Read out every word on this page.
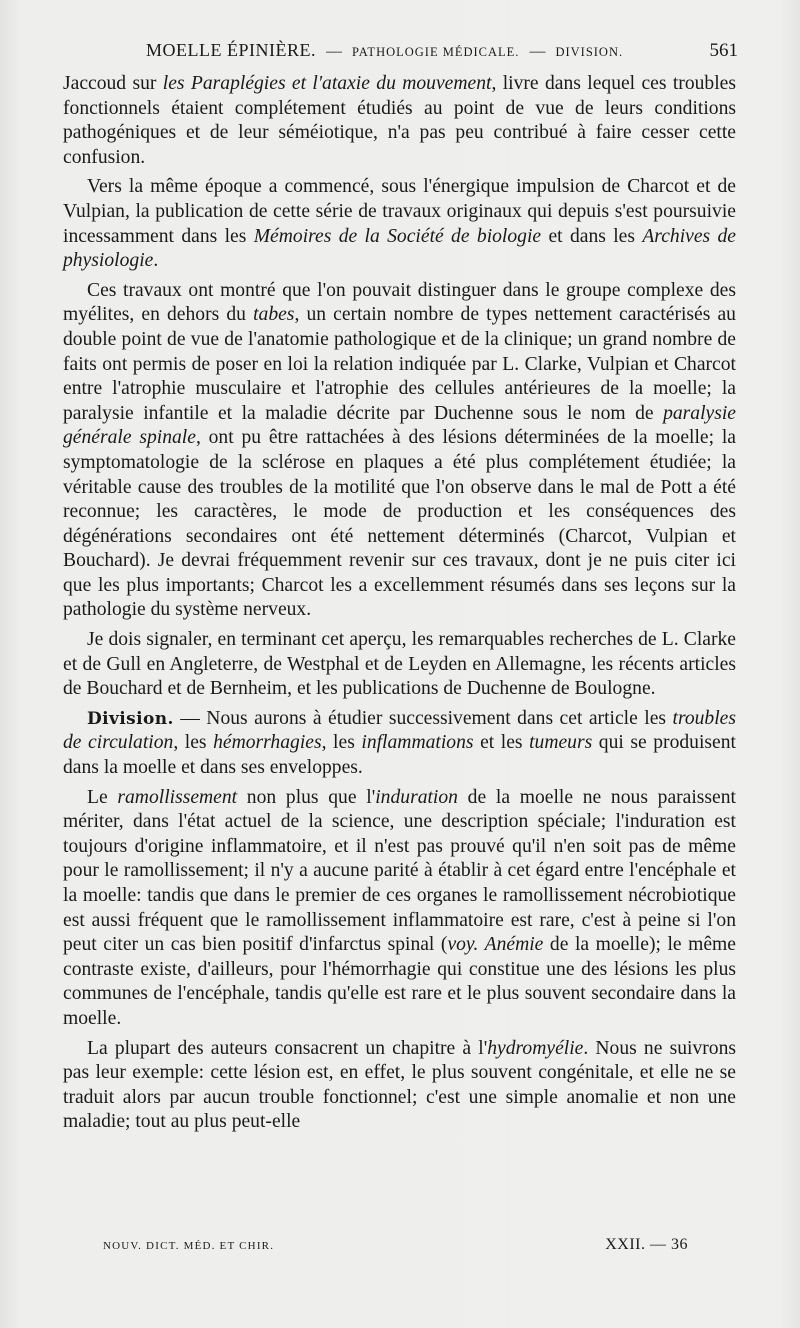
MOELLE ÉPINIÈRE. — PATHOLOGIE MÉDICALE. — DIVISION.	561

Jaccoud sur les Paraplégies et l'ataxie du mouvement, livre dans lequel ces troubles fonctionnels étaient complétement étudiés au point de vue de leurs conditions pathogéniques et de leur séméiotique, n'a pas peu contribué à faire cesser cette confusion.

Vers la même époque a commencé, sous l'énergique impulsion de Charcot et de Vulpian, la publication de cette série de travaux originaux qui depuis s'est poursuivie incessamment dans les Mémoires de la Société de biologie et dans les Archives de physiologie.

Ces travaux ont montré que l'on pouvait distinguer dans le groupe complexe des myélites, en dehors du tabes, un certain nombre de types nettement caractérisés au double point de vue de l'anatomie pathologique et de la clinique; un grand nombre de faits ont permis de poser en loi la relation indiquée par L. Clarke, Vulpian et Charcot entre l'atrophie musculaire et l'atrophie des cellules antérieures de la moelle; la paralysie infantile et la maladie décrite par Duchenne sous le nom de paralysie générale spinale, ont pu être rattachées à des lésions déterminées de la moelle; la symptomatologie de la sclérose en plaques a été plus complétement étudiée; la véritable cause des troubles de la motilité que l'on observe dans le mal de Pott a été reconnue; les caractères, le mode de production et les conséquences des dégénérations secondaires ont été nettement déterminés (Charcot, Vulpian et Bouchard). Je devrai fréquemment revenir sur ces travaux, dont je ne puis citer ici que les plus importants; Charcot les a excellemment résumés dans ses leçons sur la pathologie du système nerveux.

Je dois signaler, en terminant cet aperçu, les remarquables recherches de L. Clarke et de Gull en Angleterre, de Westphal et de Leyden en Allemagne, les récents articles de Bouchard et de Bernheim, et les publications de Duchenne de Boulogne.

Division. — Nous aurons à étudier successivement dans cet article les troubles de circulation, les hémorrhagies, les inflammations et les tumeurs qui se produisent dans la moelle et dans ses enveloppes.

Le ramollissement non plus que l'induration de la moelle ne nous paraissent mériter, dans l'état actuel de la science, une description spéciale; l'induration est toujours d'origine inflammatoire, et il n'est pas prouvé qu'il n'en soit pas de même pour le ramollissement; il n'y a aucune parité à établir à cet égard entre l'encéphale et la moelle: tandis que dans le premier de ces organes le ramollissement nécrobiotique est aussi fréquent que le ramollissement inflammatoire est rare, c'est à peine si l'on peut citer un cas bien positif d'infarctus spinal (voy. Anémie de la moelle); le même contraste existe, d'ailleurs, pour l'hémorrhagie qui constitue une des lésions les plus communes de l'encéphale, tandis qu'elle est rare et le plus souvent secondaire dans la moelle.

La plupart des auteurs consacrent un chapitre à l'hydromyélie. Nous ne suivrons pas leur exemple: cette lésion est, en effet, le plus souvent congénitale, et elle ne se traduit alors par aucun trouble fonctionnel; c'est une simple anomalie et non une maladie; tout au plus peut-elle

NOUV. DICT. MÉD. ET CHIR.	XXII. — 36
